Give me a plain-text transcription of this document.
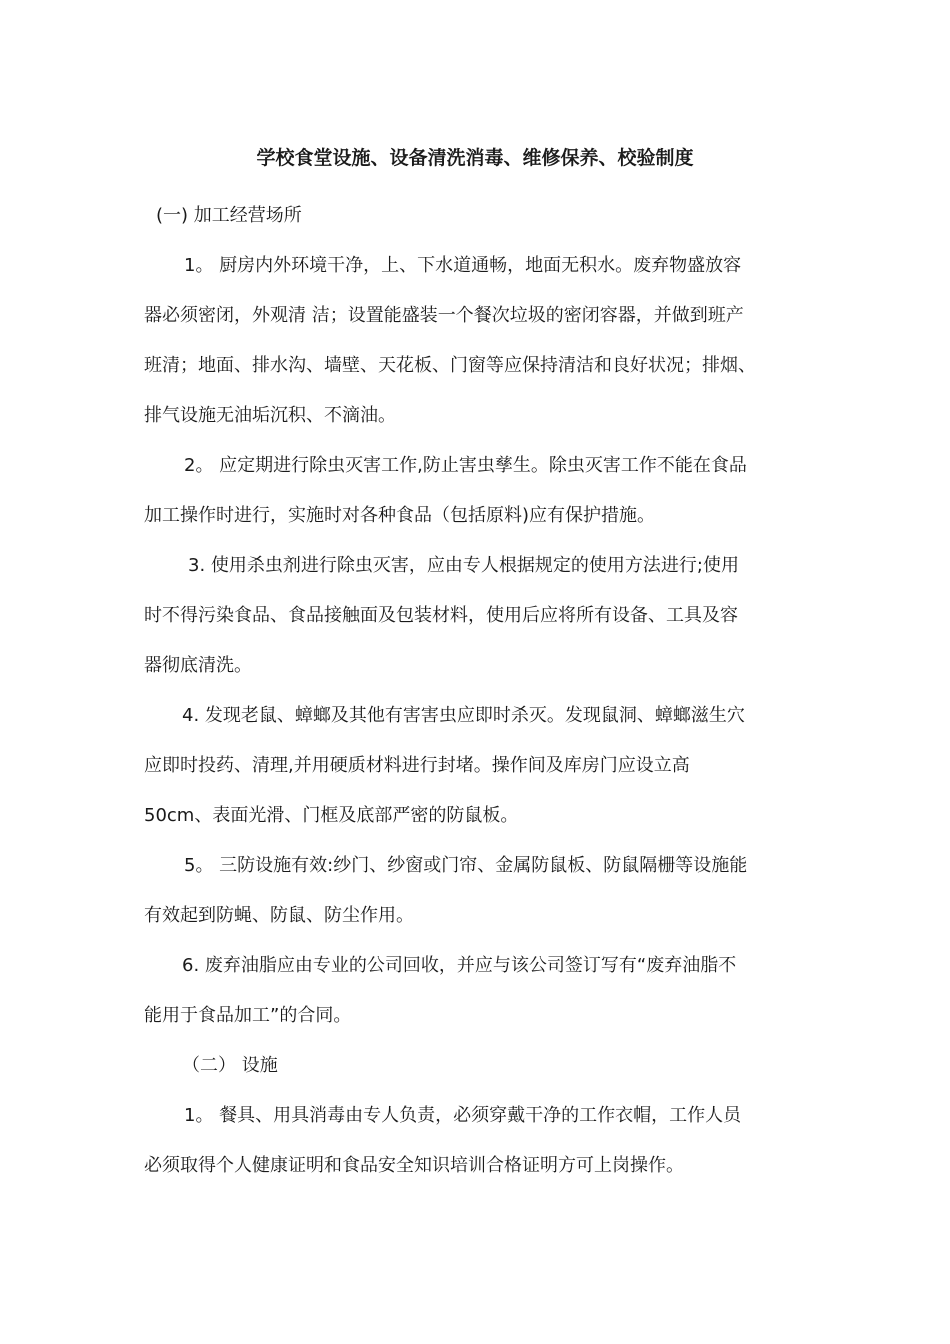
学校食堂设施、设备清洗消毒、维修保养、校验制度
(一) 加工经营场所
1。 厨房内外环境干净，上、下水道通畅，地面无积水。废弃物盛放容
器必须密闭，外观清 洁；设置能盛装一个餐次垃圾的密闭容器，并做到班产
班清；地面、排水沟、墙壁、天花板、门窗等应保持清洁和良好状况；排烟、
排气设施无油垢沉积、不滴油。
2。 应定期进行除虫灭害工作,防止害虫孳生。除虫灭害工作不能在食品
加工操作时进行，实施时对各种食品（包括原料)应有保护措施。
3. 使用杀虫剂进行除虫灭害，应由专人根据规定的使用方法进行;使用
时不得污染食品、食品接触面及包装材料，使用后应将所有设备、工具及容
器彻底清洗。
4. 发现老鼠、蟑螂及其他有害害虫应即时杀灭。发现鼠洞、蟑螂滋生穴
应即时投药、清理,并用硬质材料进行封堵。操作间及库房门应设立高
50cm、表面光滑、门框及底部严密的防鼠板。
5。 三防设施有效:纱门、纱窗或门帘、金属防鼠板、防鼠隔栅等设施能
有效起到防蝇、防鼠、防尘作用。
6. 废弃油脂应由专业的公司回收，并应与该公司签订写有“废弃油脂不
能用于食品加工”的合同。
（二） 设施
1。 餐具、用具消毒由专人负责，必须穿戴干净的工作衣帽，工作人员
必须取得个人健康证明和食品安全知识培训合格证明方可上岗操作。
